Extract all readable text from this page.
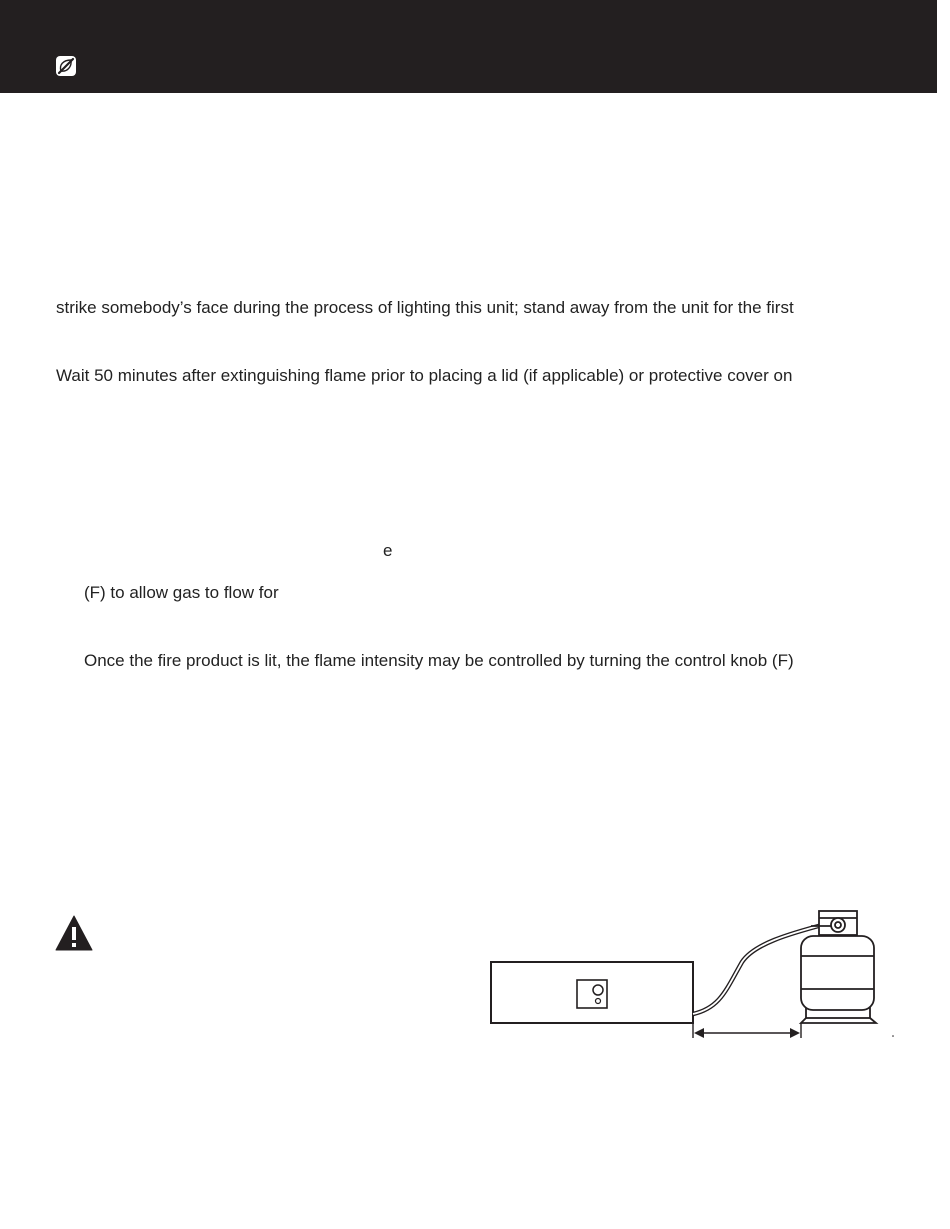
strike somebody’s face during the process of lighting this unit; stand away from the unit for the first

Wait 50 minutes after extinguishing flame prior to placing a lid (if applicable) or protective cover on

e

(F) to allow gas to flow for

Once the fire product is lit, the flame intensity may be controlled by turning the control knob (F)
